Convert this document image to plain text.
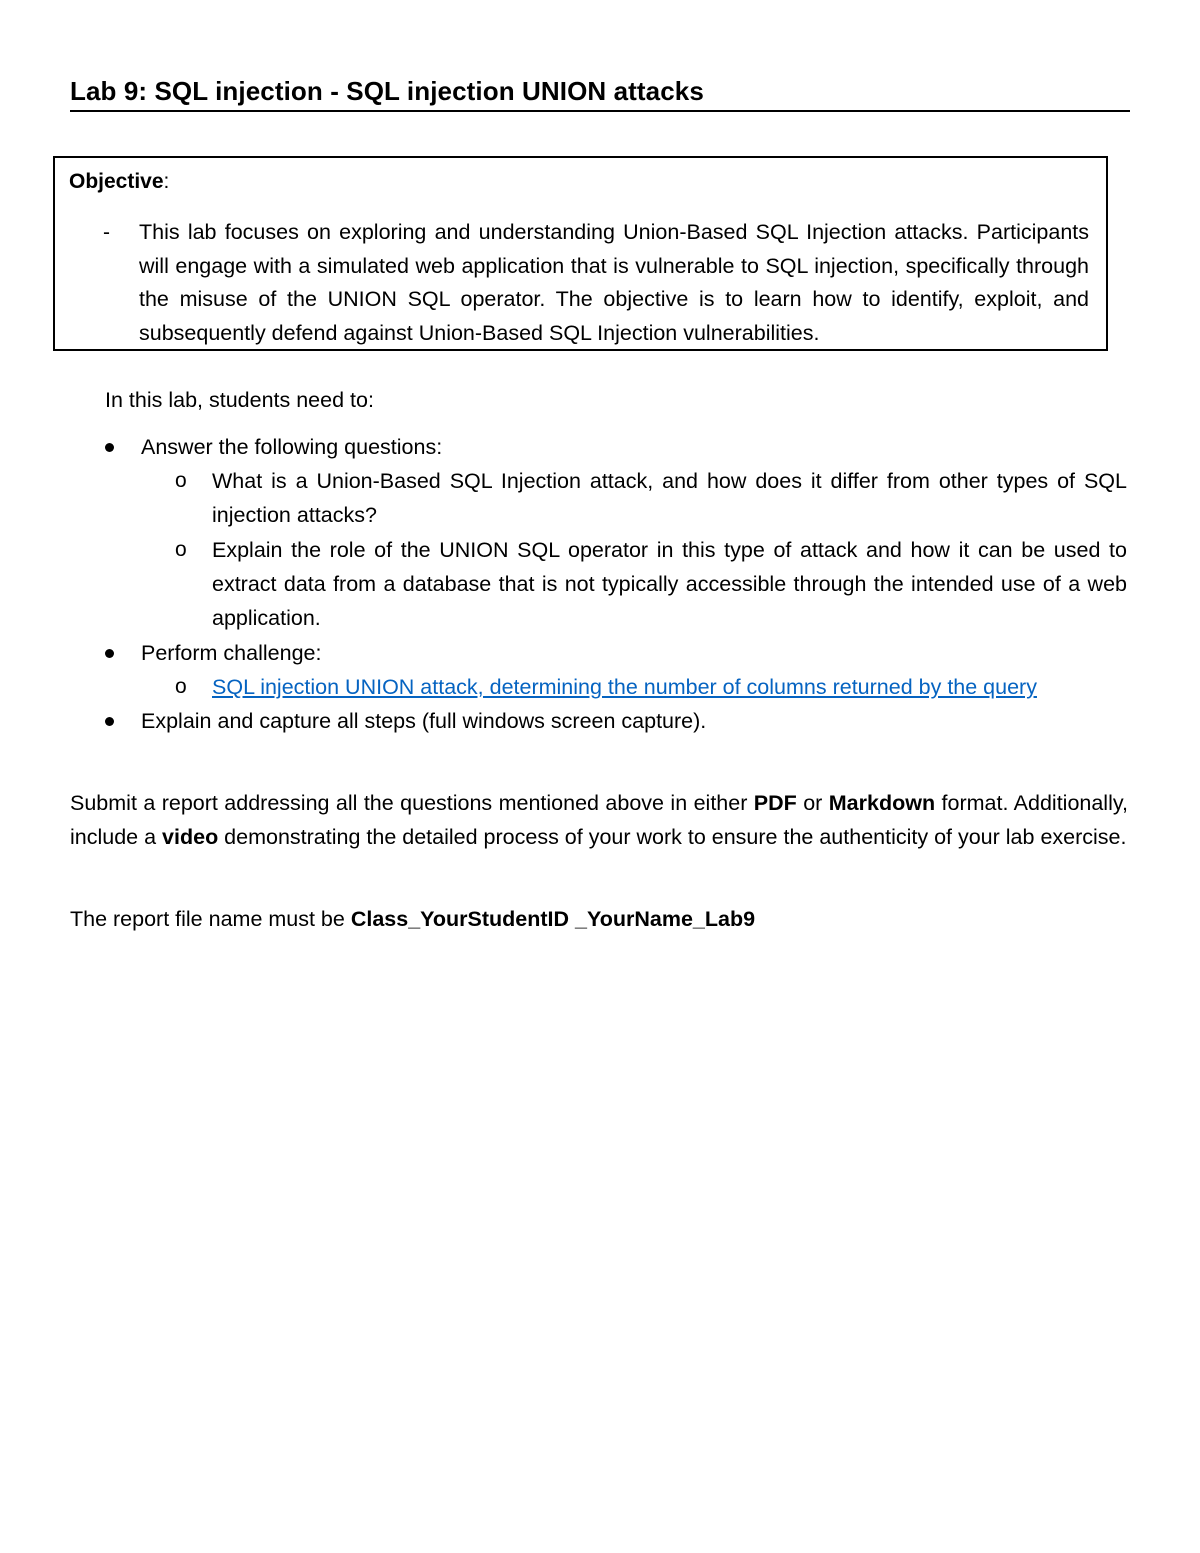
Lab 9: SQL injection - SQL injection UNION attacks
Objective:
- This lab focuses on exploring and understanding Union-Based SQL Injection attacks. Participants will engage with a simulated web application that is vulnerable to SQL injection, specifically through the misuse of the UNION SQL operator. The objective is to learn how to identify, exploit, and subsequently defend against Union-Based SQL Injection vulnerabilities.
In this lab, students need to:
Answer the following questions:
o What is a Union-Based SQL Injection attack, and how does it differ from other types of SQL injection attacks?
o Explain the role of the UNION SQL operator in this type of attack and how it can be used to extract data from a database that is not typically accessible through the intended use of a web application.
Perform challenge:
o SQL injection UNION attack, determining the number of columns returned by the query
Explain and capture all steps (full windows screen capture).
Submit a report addressing all the questions mentioned above in either PDF or Markdown format. Additionally, include a video demonstrating the detailed process of your work to ensure the authenticity of your lab exercise.
The report file name must be Class_YourStudentID _YourName_Lab9
